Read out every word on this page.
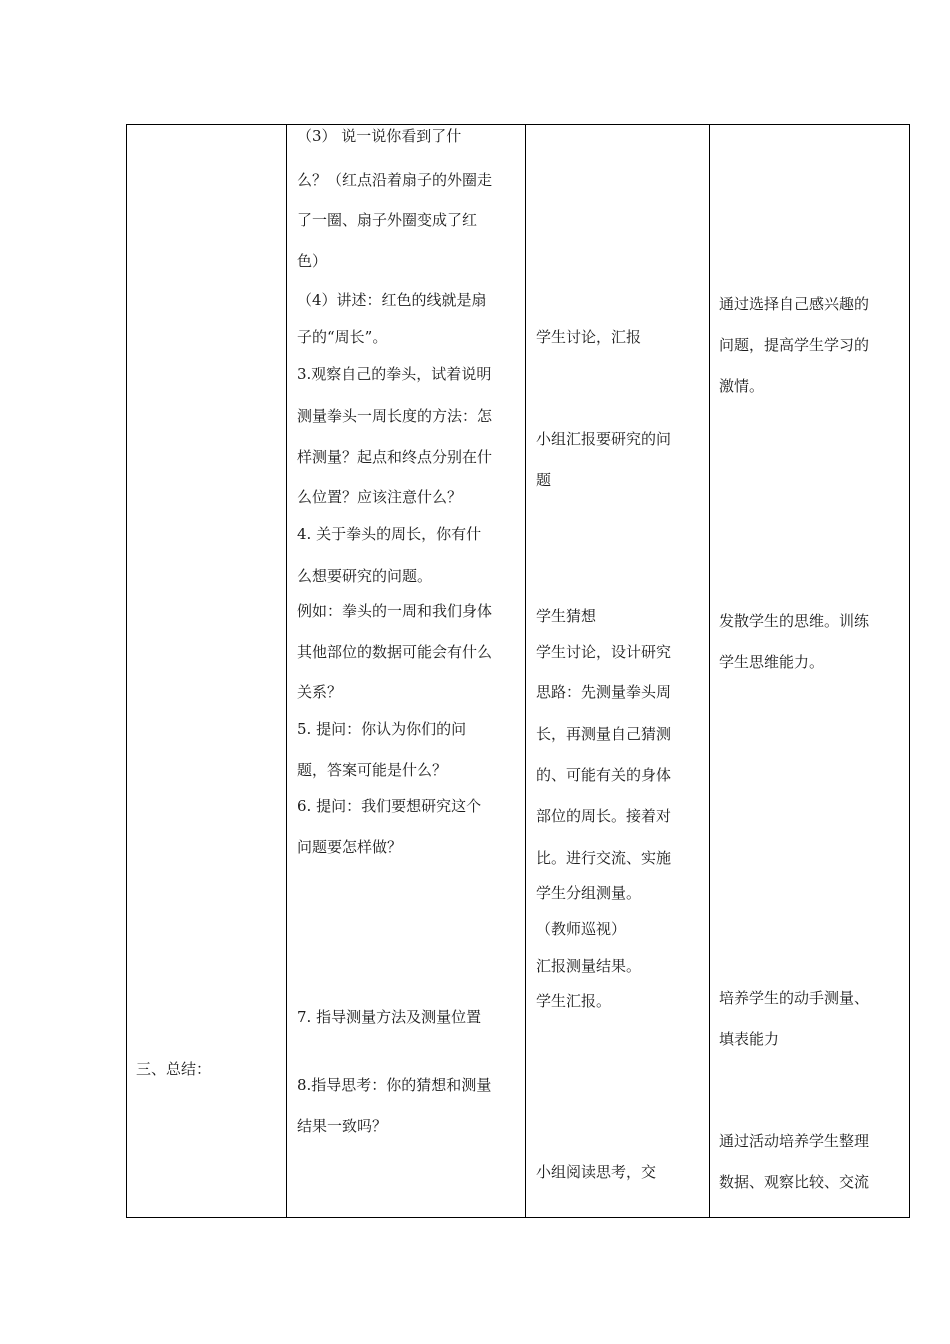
三、总结：
（3） 说一说你看到了什
么？（红点沿着扇子的外圈走
了一圈、扇子外圈变成了红
色）
（4）讲述：红色的线就是扇
子的“周长”。
3.观察自己的拳头，试着说明
测量拳头一周长度的方法：怎
样测量？起点和终点分别在什
么位置？应该注意什么？
4. 关于拳头的周长，你有什
么想要研究的问题。
例如：拳头的一周和我们身体
其他部位的数据可能会有什么
关系？
5. 提问：你认为你们的问
题，答案可能是什么？
6. 提问：我们要想研究这个
问题要怎样做？
7. 指导测量方法及测量位置
8.指导思考：你的猜想和测量
结果一致吗？
学生讨论，汇报
小组汇报要研究的问
题
学生猜想
学生讨论，设计研究
思路：先测量拳头周
长，再测量自己猜测
的、可能有关的身体
部位的周长。接着对
比。进行交流、实施
学生分组测量。
（教师巡视）
汇报测量结果。
学生汇报。
小组阅读思考，交
通过选择自己感兴趣的
问题，提高学生学习的
激情。
发散学生的思维。训练
学生思维能力。
培养学生的动手测量、
填表能力
通过活动培养学生整理
数据、观察比较、交流
